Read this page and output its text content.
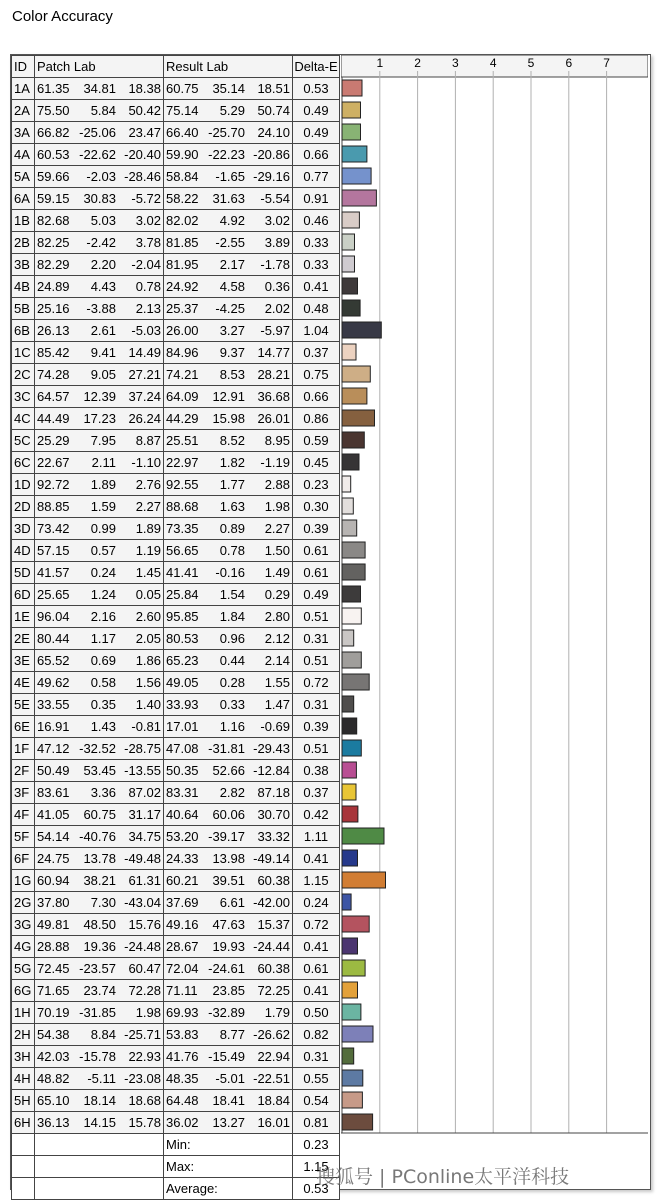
Color Accuracy
ID	Patch Lab	Result Lab	Delta-E
1A	61.35 34.81 18.38	60.75 35.14 18.51	0.53
2A	75.50 5.84 50.42	75.14 5.29 50.74	0.49
3A	66.82 -25.06 23.47	66.40 -25.70 24.10	0.49
4A	60.53 -22.62 -20.40	59.90 -22.23 -20.86	0.66
5A	59.66 -2.03 -28.46	58.84 -1.65 -29.16	0.77
6A	59.15 30.83 -5.72	58.22 31.63 -5.54	0.91
1B	82.68 5.03 3.02	82.02 4.92 3.02	0.46
2B	82.25 -2.42 3.78	81.85 -2.55 3.89	0.33
3B	82.29 2.20 -2.04	81.95 2.17 -1.78	0.33
4B	24.89 4.43 0.78	24.92 4.58 0.36	0.41
5B	25.16 -3.88 2.13	25.37 -4.25 2.02	0.48
6B	26.13 2.61 -5.03	26.00 3.27 -5.97	1.04
1C	85.42 9.41 14.49	84.96 9.37 14.77	0.37
2C	74.28 9.05 27.21	74.21 8.53 28.21	0.75
3C	64.57 12.39 37.24	64.09 12.91 36.68	0.66
4C	44.49 17.23 26.24	44.29 15.98 26.01	0.86
5C	25.29 7.95 8.87	25.51 8.52 8.95	0.59
6C	22.67 2.11 -1.10	22.97 1.82 -1.19	0.45
1D	92.72 1.89 2.76	92.55 1.77 2.88	0.23
2D	88.85 1.59 2.27	88.68 1.63 1.98	0.30
3D	73.42 0.99 1.89	73.35 0.89 2.27	0.39
4D	57.15 0.57 1.19	56.65 0.78 1.50	0.61
5D	41.57 0.24 1.45	41.41 -0.16 1.49	0.61
6D	25.65 1.24 0.05	25.84 1.54 0.29	0.49
1E	96.04 2.16 2.60	95.85 1.84 2.80	0.51
2E	80.44 1.17 2.05	80.53 0.96 2.12	0.31
3E	65.52 0.69 1.86	65.23 0.44 2.14	0.51
4E	49.62 0.58 1.56	49.05 0.28 1.55	0.72
5E	33.55 0.35 1.40	33.93 0.33 1.47	0.31
6E	16.91 1.43 -0.81	17.01 1.16 -0.69	0.39
1F	47.12 -32.52 -28.75	47.08 -31.81 -29.43	0.51
2F	50.49 53.45 -13.55	50.35 52.66 -12.84	0.38
3F	83.61 3.36 87.02	83.31 2.82 87.18	0.37
4F	41.05 60.75 31.17	40.64 60.06 30.70	0.42
5F	54.14 -40.76 34.75	53.20 -39.17 33.32	1.11
6F	24.75 13.78 -49.48	24.33 13.98 -49.14	0.41
1G	60.94 38.21 61.31	60.21 39.51 60.38	1.15
2G	37.80 7.30 -43.04	37.69 6.61 -42.00	0.24
3G	49.81 48.50 15.76	49.16 47.63 15.37	0.72
4G	28.88 19.36 -24.48	28.67 19.93 -24.44	0.41
5G	72.45 -23.57 60.47	72.04 -24.61 60.38	0.61
6G	71.65 23.74 72.28	71.11 23.85 72.25	0.41
1H	70.19 -31.85 1.98	69.93 -32.89 1.79	0.50
2H	54.38 8.84 -25.71	53.83 8.77 -26.62	0.82
3H	42.03 -15.78 22.93	41.76 -15.49 22.94	0.31
4H	48.82 -5.11 -23.08	48.35 -5.01 -22.51	0.55
5H	65.10 18.14 18.68	64.48 18.41 18.84	0.54
6H	36.13 14.15 15.78	36.02 13.27 16.01	0.81
		Min:	0.23
		Max:	1.15
		Average:	0.53
1	2	3	4	5	6	7
搜狐号 | PConline太平洋科技
